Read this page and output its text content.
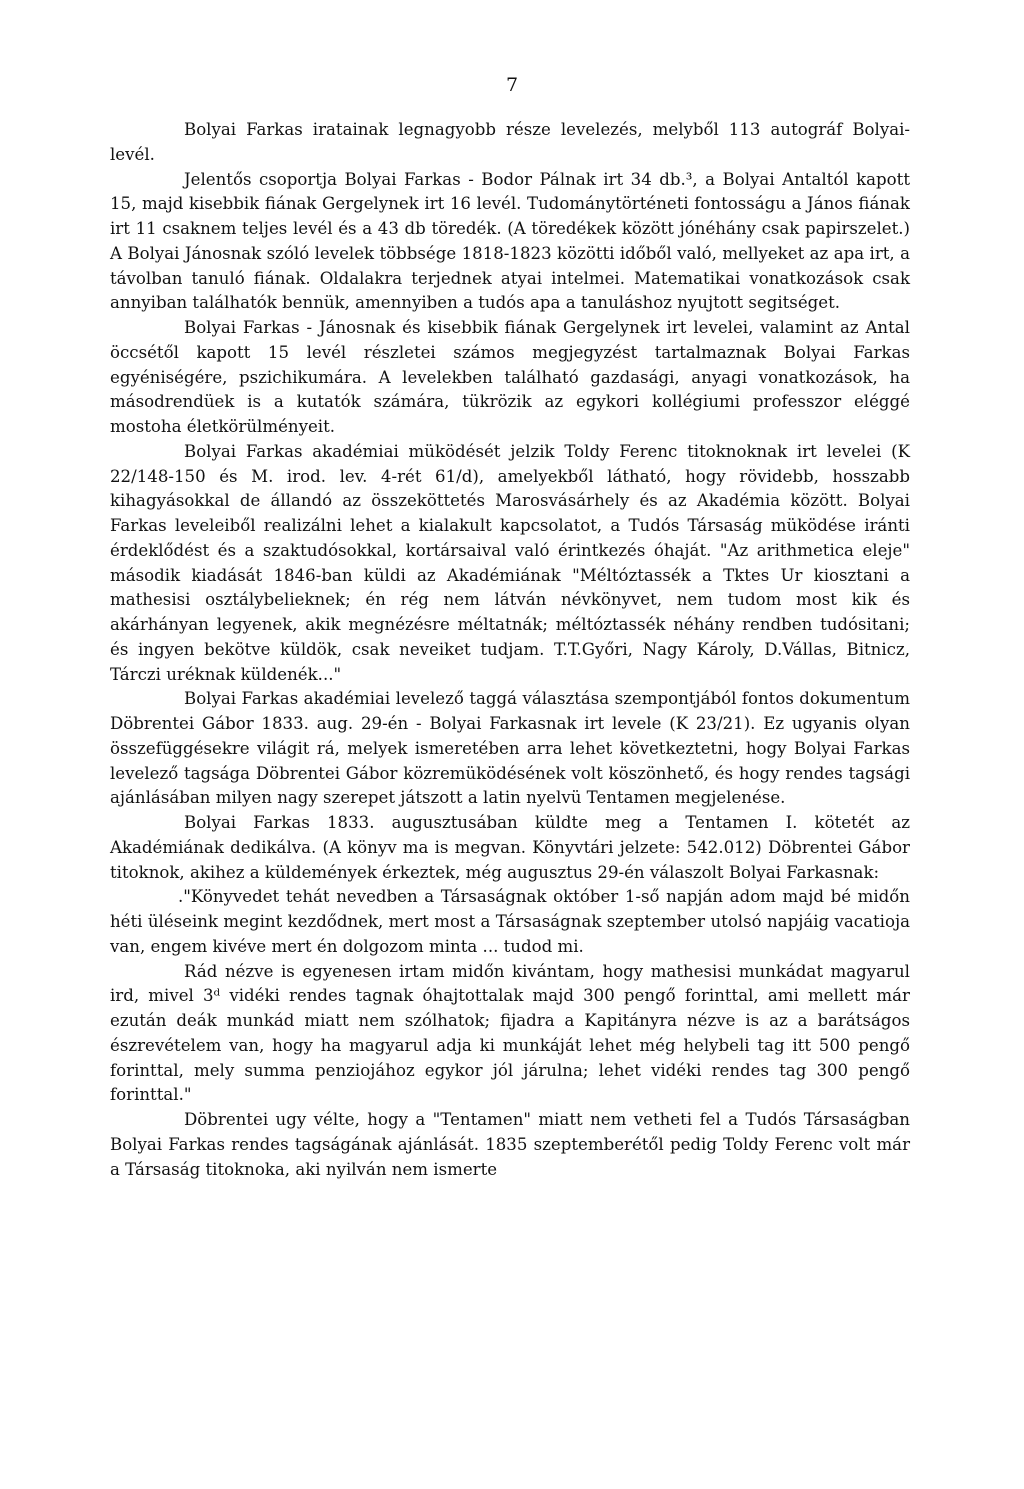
7

Bolyai Farkas iratainak legnagyobb része levelezés, melyből 113 autográf Bolyai-levél.

Jelentős csoportja Bolyai Farkas - Bodor Pálnak irt 34 db.³, a Bolyai Antaltól kapott 15, majd kisebbik fiának Gergelynek irt 16 levél. Tudománytörténeti fontosságu a János fiának irt 11 csaknem teljes levél és a 43 db töredék. (A töredékek között jónéhány csak papirszelet.) A Bolyai Jánosnak szóló levelek többsége 1818-1823 közötti időből való, mellyeket az apa irt, a távolban tanuló fiának. Oldalakra terjednek atyai intelmei. Matematikai vonatkozások csak annyiban találhatók bennük, amennyiben a tudós apa a tanuláshoz nyujtott segitséget.

Bolyai Farkas - Jánosnak és kisebbik fiának Gergelynek irt levelei, valamint az Antal öccsétől kapott 15 levél részletei számos megjegyzést tartalmaznak Bolyai Farkas egyéniségére, pszichikumára. A levelekben található gazdasági, anyagi vonatkozások, ha másodrendüek is a kutatók számára, tükrözik az egykori kollégiumi professzor eléggé mostoha életkörülményeit.

Bolyai Farkas akadémiai müködését jelzik Toldy Ferenc titoknoknak irt levelei (K 22/148-150 és M. irod. lev. 4-rét 61/d), amelyekből látható, hogy rövidebb, hosszabb kihagyásokkal de állandó az összeköttetés Marosvásárhely és az Akadémia között. Bolyai Farkas leveleiből realizálni lehet a kialakult kapcsolatot, a Tudós Társaság müködése iránti érdeklődést és a szaktudósokkal, kortársaival való érintkezés óhaját. "Az arithmetica eleje" második kiadását 1846-ban küldi az Akadémiának "Méltóztassék a Tktes Ur kiosztani a mathesisi osztálybelieknek; én rég nem látván névkönyvet, nem tudom most kik és akárhányan legyenek, akik megnézésre méltatnák; méltóztassék néhány rendben tudósitani; és ingyen bekötve küldök, csak neveiket tudjam. T.T.Győri, Nagy Károly, D.Vállas, Bitnicz, Tárczi uréknak küldenék..."

Bolyai Farkas akadémiai levelező taggá választása szempontjából fontos dokumentum Döbrentei Gábor 1833. aug. 29-én - Bolyai Farkasnak irt levele (K 23/21). Ez ugyanis olyan összefüggésekre világit rá, melyek ismeretében arra lehet következtetni, hogy Bolyai Farkas levelező tagsága Döbrentei Gábor közremüködésének volt köszönhető, és hogy rendes tagsági ajánlásában milyen nagy szerepet játszott a latin nyelvü Tentamen megjelenése.

Bolyai Farkas 1833. augusztusában küldte meg a Tentamen I. kötetét az Akadémiának dedikálva. (A könyv ma is megvan. Könyvtári jelzete: 542.012) Döbrentei Gábor titoknok, akihez a küldemények érkeztek, még augusztus 29-én válaszolt Bolyai Farkasnak:

."Könyvedet tehát nevedben a Társaságnak október 1-ső napján adom majd bé midőn héti üléseink megint kezdődnek, mert most a Társaságnak szeptember utolsó napjáig vacatioja van, engem kivéve mert én dolgozom minta ... tudod mi.

Rád nézve is egyenesen irtam midőn kivántam, hogy mathesisi munkádat magyarul ird, mivel 3ᵈ vidéki rendes tagnak óhajtottalak majd 300 pengő forinttal, ami mellett már ezután deák munkád miatt nem szólhatok; fijadra a Kapitányra nézve is az a barátságos észrevételem van, hogy ha magyarul adja ki munkáját lehet még helybeli tag itt 500 pengő forinttal, mely summa penziojához egykor jól járulna; lehet vidéki rendes tag 300 pengő forinttal."

Döbrentei ugy vélte, hogy a "Tentamen" miatt nem vetheti fel a Tudós Társaságban Bolyai Farkas rendes tagságának ajánlását. 1835 szeptemberétől pedig Toldy Ferenc volt már a Társaság titoknoka, aki nyilván nem ismerte
